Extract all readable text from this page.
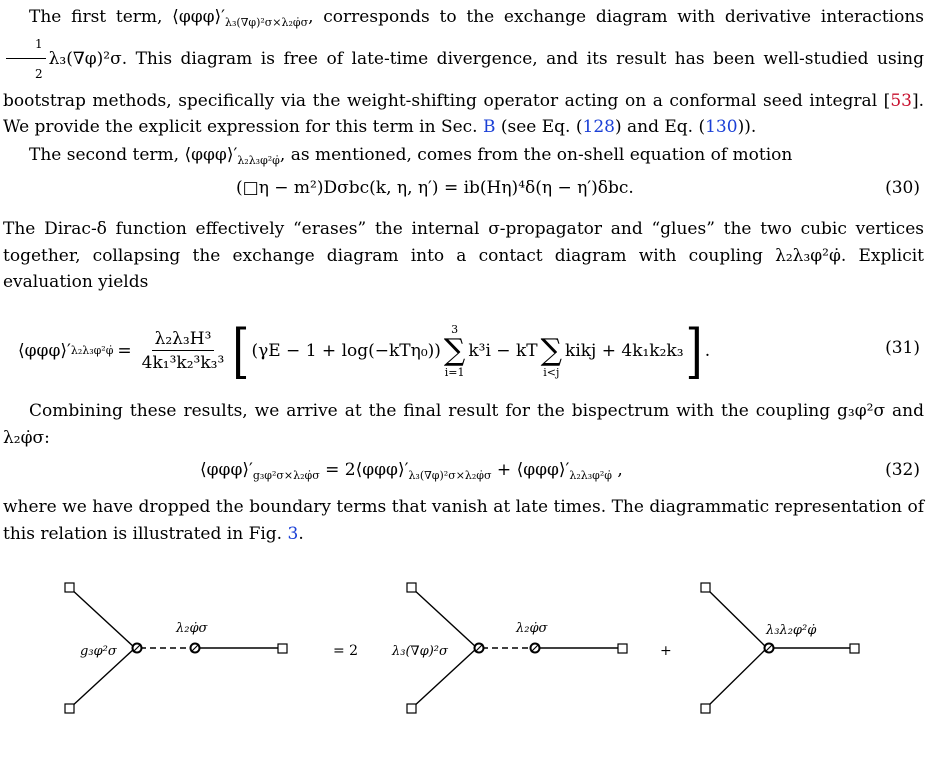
The first term, $⟨\varphi\varphi\varphi⟩'_{\lambda_3(\nabla\varphi)^2\sigma\times\lambda_2\varphi̇\sigma}$, corresponds to the exchange diagram with derivative interactions
$\frac{1}{2} \lambda_3(\nabla\varphi)^2\sigma$. This diagram is free of late-time divergence, and its result has been well-studied using bootstrap methods, specifically via the weight-shifting operator acting on a conformal seed integral [53]. We provide the explicit expression for this term in Sec. B (see Eq. (128) and Eq. (130)).

The second term, $⟨\varphi\varphi\varphi⟩'_{\lambda_2\lambda_3\varphi^2\varphi̇}$, as mentioned, comes from the on-shell equation of motion

(□η − m²)Dσbc(k, η, η′) = ib(Hη)⁴δ(η − η′)δbc.	(30)

The Dirac-δ function effectively “erases” the internal σ-propagator and “glues” the two cubic vertices together, collapsing the exchange diagram into a contact diagram with coupling λ₂λ₃φ²φ̇. Explicit evaluation yields

⟨φφφ⟩′ λ₂λ₃φ²φ̇ = $\frac{\text{λ₂λ₃H³}}{\text{4k₁³k₂³k₃³}}$ [ (γE − 1 + log(−kTη₀))
3
∑
i=1
k³i − kT
∑
i<j
kikj + 4k₁k₂k₃ ] .	(31)

Combining these results, we arrive at the final result for the bispectrum with the coupling g₃φ²σ and λ₂φ̇σ:

$⟨\varphi\varphi\varphi⟩'_{g_3\varphi^2\sigma\times\lambda_2\varphi̇\sigma}$ = $2⟨\varphi\varphi\varphi⟩'_{\lambda_3(\nabla\varphi)^2\sigma\times\lambda_2\varphi̇\sigma}$ + $⟨\varphi\varphi\varphi⟩'_{\lambda_2\lambda_3\varphi^2\varphi̇}$ ,	(32)

where we have dropped the boundary terms that vanish at late times. The diagrammatic representation of this relation is illustrated in Fig. 3.

g₃φ²σ
λ₂φ̇σ
= 2	λ₃(∇φ)²σ
λ₂φ̇σ
+
λ₃λ₂φ²φ̇
